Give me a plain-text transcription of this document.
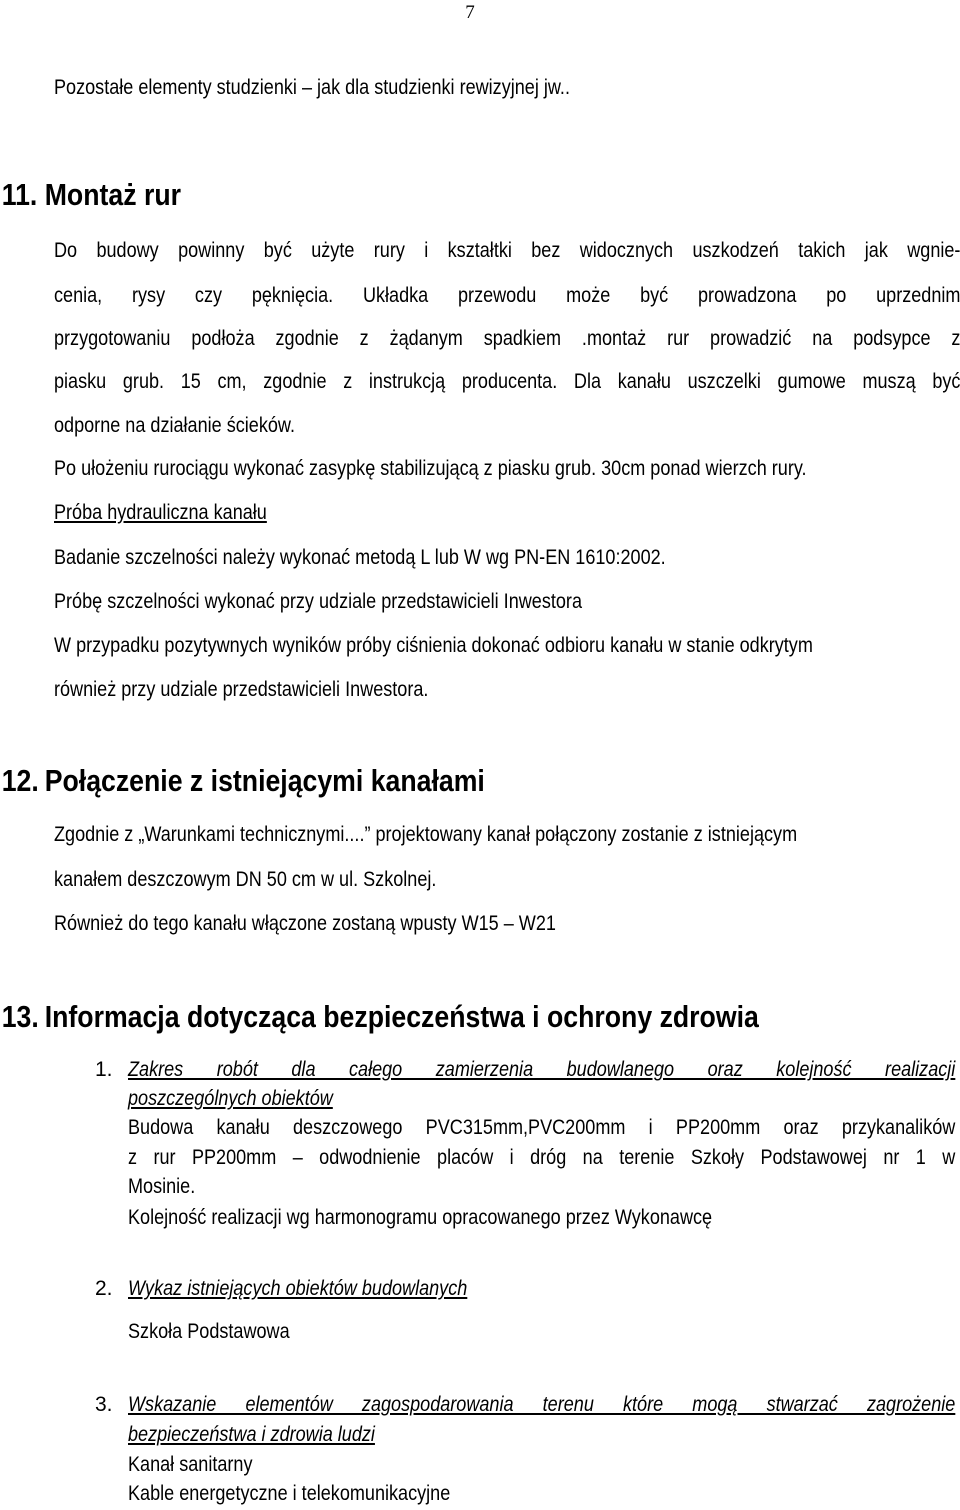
7
Pozostałe elementy studzienki – jak dla studzienki rewizyjnej jw..
11. Montaż rur
Do budowy powinny być użyte rury i kształtki bez widocznych uszkodzeń takich jak wgnie-
cenia, rysy czy pęknięcia. Układka przewodu może być prowadzona po uprzednim
przygotowaniu podłoża zgodnie z żądanym spadkiem .montaż rur prowadzić na podsypce z
piasku grub. 15 cm, zgodnie z instrukcją producenta. Dla kanału uszczelki gumowe muszą być
odporne na działanie ścieków.
Po ułożeniu rurociągu wykonać zasypkę stabilizującą z piasku grub. 30cm ponad wierzch rury.
Próba hydrauliczna kanału
Badanie szczelności należy wykonać metodą L lub W wg PN-EN 1610:2002.
Próbę szczelności wykonać przy udziale przedstawicieli Inwestora
W przypadku pozytywnych wyników próby ciśnienia dokonać odbioru kanału w stanie odkrytym
również przy udziale przedstawicieli Inwestora.
12. Połączenie z istniejącymi kanałami
Zgodnie z „Warunkami technicznymi....” projektowany kanał połączony zostanie z istniejącym
kanałem deszczowym DN 50 cm w ul. Szkolnej.
Również do tego kanału włączone zostaną wpusty W15 – W21
13. Informacja dotycząca bezpieczeństwa i ochrony zdrowia
1. Zakres robót dla całego zamierzenia budowlanego oraz kolejność realizacji
poszczególnych obiektów
Budowa kanału deszczowego PVC315mm,PVC200mm i PP200mm oraz przykanalików
z rur PP200mm – odwodnienie placów i dróg na terenie Szkoły Podstawowej nr 1 w
Mosinie.
Kolejność realizacji wg harmonogramu opracowanego przez Wykonawcę
2. Wykaz istniejących obiektów budowlanych
Szkoła Podstawowa
3. Wskazanie elementów zagospodarowania terenu które mogą stwarzać zagrożenie
bezpieczeństwa i zdrowia ludzi
Kanał sanitarny
Kable energetyczne i telekomunikacyjne
